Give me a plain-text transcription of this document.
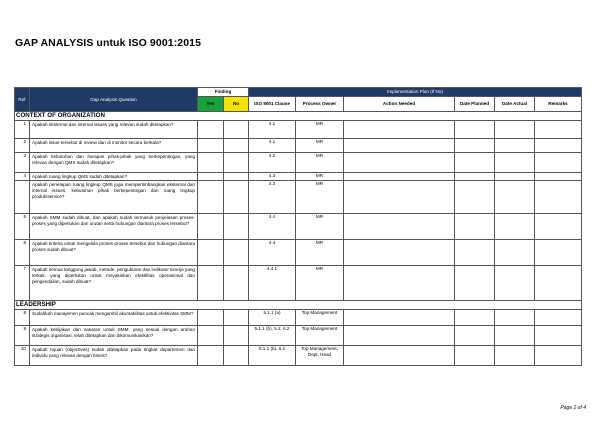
GAP ANALYSIS untuk ISO 9001:2015
Ref	Gap Analysis Question	Finding		Implementation Plan (If No)					
		Yes	No	ISO 9001 Clause	Process Owner	Action Needed	Date Planned	Date Actual	Remarks
CONTEXT OF ORGANIZATION									
1	Apakah eksternal dan internal issues yang relevan sudah ditetapkan?			4.1	MR				
2	Apakah issue tersebut di review dan di monitor secara berkala?			4.1	MR				
3	Apakah kebutuhan dan harapan pihak-pihak yang berkepentingan, yang relevan dengan QMS sudah ditetapkan?			4.2	MR				
4	Apakah ruang lingkup QMS sudah ditetapkan?			4.3	MR				
	Apakah penetapan ruang lingkup QMS juga mempertimbangkan eksternal dan internal issues, kebutuhan pihak berkepentingan dan ruang lingkup produk/service?			4.3	MR				
5	Apakah SMM sudah dibuat, dan apakah sudah termasuk penjelasan proses-proses yang diperlukan dan urutan serta hubungan diantara proses tersebut?			4.4	MR				
6	Apakah kriteria untuk mengelola proses-proses tersebut dan hubungan diantara proses sudah dibuat?			4.4	MR				
7	Apakah semua tanggung jawab, metode, pengukuran dan indikator kinerja yang terkait, yang diperlukan untuk meyakinkan efektifitas operasional dan pengendalian, sudah dibuat?			4.4.1	MR				
LEADERSHIP									
8	Sudahkah manajemen puncak mengambil akuntabilitas untuk efektivitas SMM?			5.1.1 (a)	Top Management				
9	Apakah kebijakan dan sasaran untuk SMM, yang sesuai dengan arahan strategis organisasi, telah ditetapkan dan dikomunikasikan?			5.1.1 (b), 5.2, 6.2	Top Management				
10	Apakah tujuan (objectives) sudah ditetapkan pada tingkat departemen dan individu yang relevan dengan bisnis?			5.1.1 (b), 6.2	Top Management, Dept. Head				
Page 1 of 4
